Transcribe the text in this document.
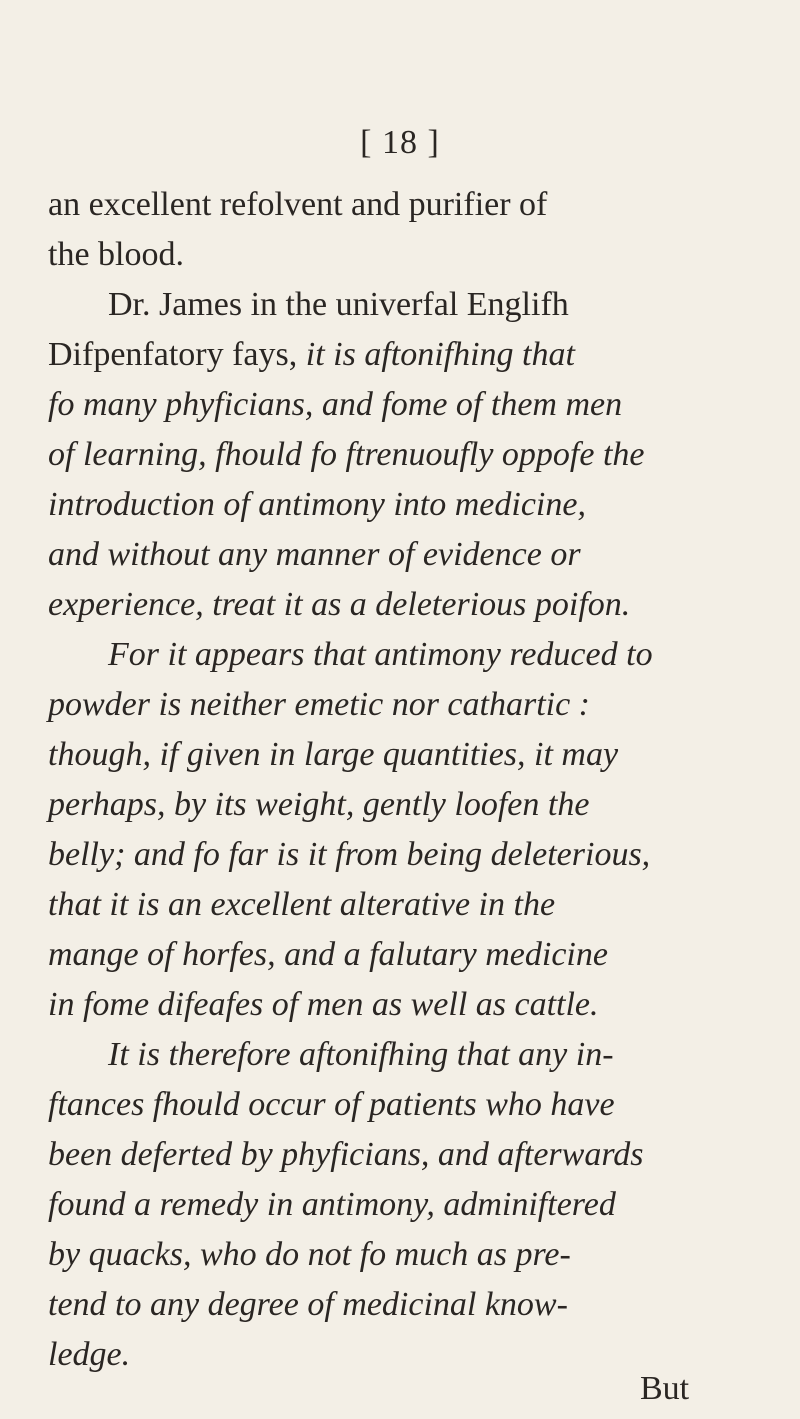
[ 18 ]
an excellent refolvent and purifier of
the blood.
Dr. James in the univerfal Englifh
Difpenfatory fays, it is aftonifhing that
fo many phyficians, and fome of them men
of learning, fhould fo ftrenuoufly oppofe the
introduction of antimony into medicine,
and without any manner of evidence or
experience, treat it as a deleterious poifon.
For it appears that antimony reduced to
powder is neither emetic nor cathartic :
though, if given in large quantities, it may
perhaps, by its weight, gently loofen the
belly; and fo far is it from being deleterious,
that it is an excellent alterative in the
mange of horfes, and a falutary medicine
in fome difeafes of men as well as cattle.
It is therefore aftonifhing that any in-
ftances fhould occur of patients who have
been deferted by phyficians, and afterwards
found a remedy in antimony, adminiftered
by quacks, who do not fo much as pre-
tend to any degree of medicinal know-
ledge.
But
